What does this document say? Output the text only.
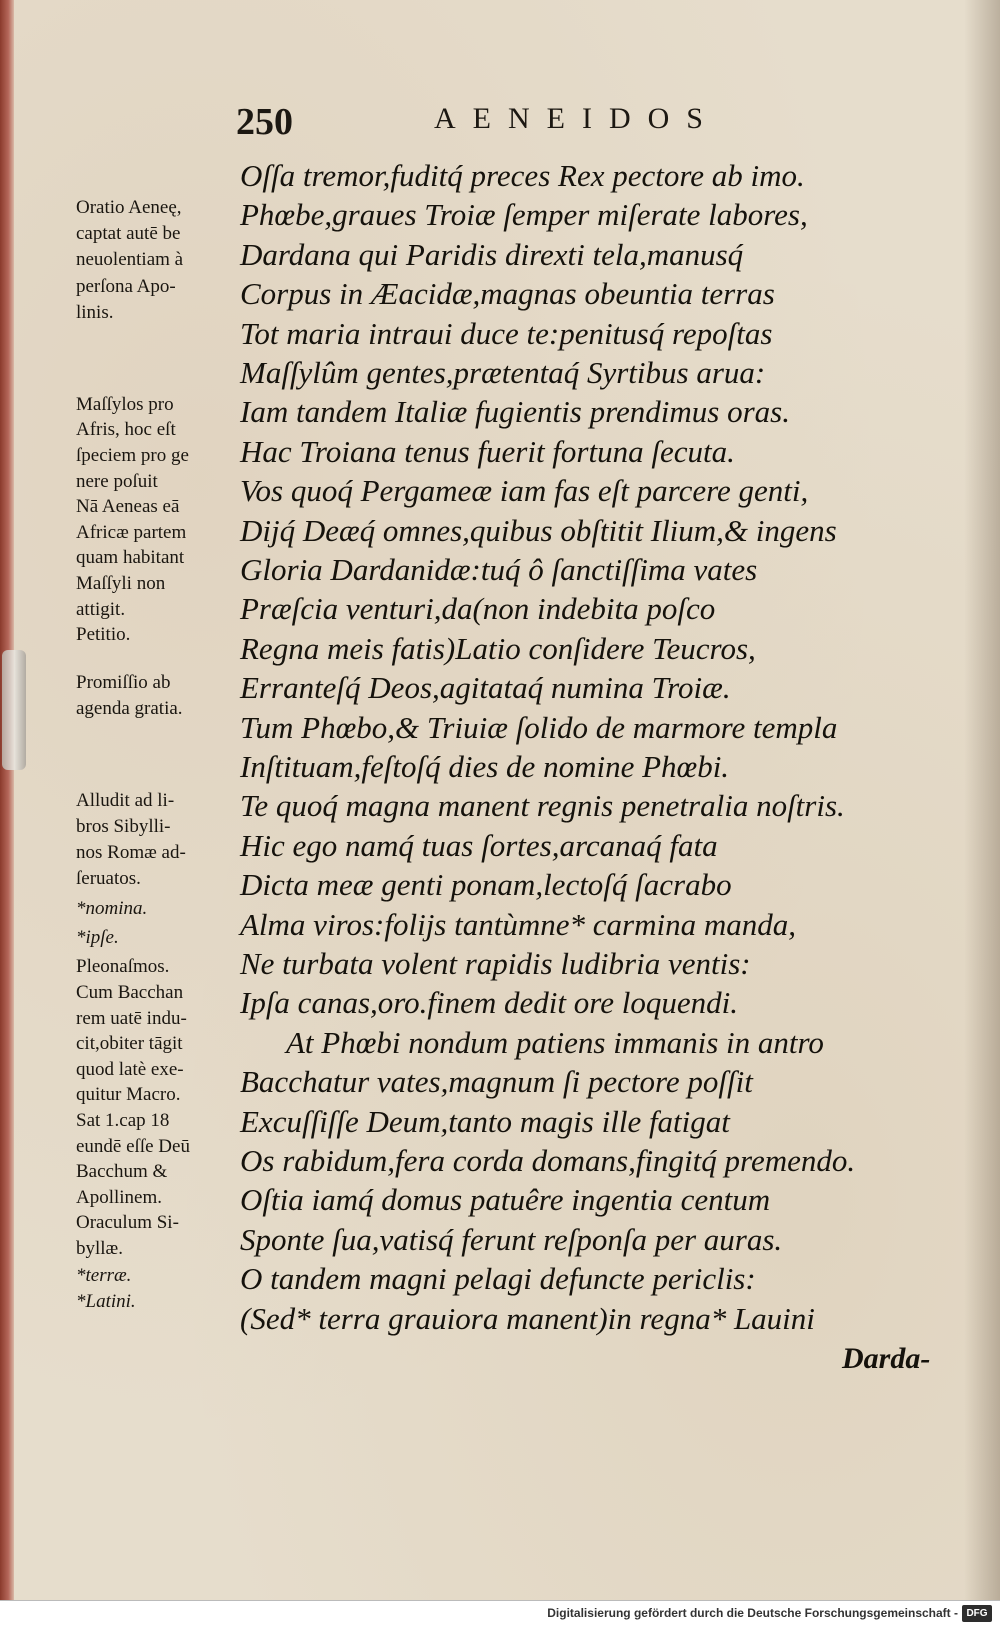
250	AENEIDOS
Oſſa tremor,fuditq́ preces Rex pectore ab imo.
Phœbe,graues Troiæ ſemper miſerate labores,
Dardana qui Paridis direxti tela,manusq́
Corpus in Æacidæ,magnas obeuntia terras
Tot maria intraui duce te:penitusq́ repoſtas
Maſſylûm gentes,prætentaq́ Syrtibus arua:
Iam tandem Italiæ fugientis prendimus oras.
Hac Troiana tenus fuerit fortuna ſecuta.
Vos quoq́ Pergameæ iam fas eſt parcere genti,
Dijq́ Deæq́ omnes,quibus obſtitit Ilium,& ingens
Gloria Dardanidæ:tuq́ ô ſanctiſſima vates
Præſcia venturi,da(non indebita poſco
Regna meis fatis)Latio conſidere Teucros,
Erranteſq́ Deos,agitataq́ numina Troiæ.
Tum Phœbo,& Triuiæ ſolido de marmore templa
Inſtituam,feſtoſq́ dies de nomine Phœbi.
Te quoq́ magna manent regnis penetralia noſtris.
Hic ego namq́ tuas ſortes,arcanaq́ fata
Dicta meæ genti ponam,lectoſq́ ſacrabo
Alma viros:folijs tantùmne* carmina manda,
Ne turbata volent rapidis ludibria ventis:
Ipſa canas,oro.finem dedit ore loquendi.
At Phœbi nondum patiens immanis in antro
Bacchatur vates,magnum ſi pectore poſſit
Excuſſiſſe Deum,tanto magis ille fatigat
Os rabidum,fera corda domans,fingitq́ premendo.
Oſtia iamq́ domus patuêre ingentia centum
Sponte ſua,vatisq́ ferunt reſponſa per auras.
O tandem magni pelagi defuncte periclis:
(Sed* terra grauiora manent)in regna* Lauini
Oratio Aeneę,
captat autē be
neuolentiam à
perſona Apo-
linis.
Maſſylos pro
Afris, hoc eſt
ſpeciem pro ge
nere poſuit
Nā Aeneas eā
Africæ partem
quam habitant
Maſſyli non
attigit.
Petitio.
Promiſſio ab
agenda gratia.
Alludit ad li-
bros Sibylli-
nos Romæ ad-
ſeruatos.
*nomina.
*ipſe.
Pleonaſmos.
Cum Bacchan
rem uatē indu-
cit,obiter tāgit
quod latè exe-
quitur Macro.
Sat 1.cap 18
eundē eſſe Deū
Bacchum &
Apollinem.
Oraculum Si-
byllæ.
*terræ.
*Latini.
Darda-
Digitalisierung gefördert durch die Deutsche Forschungsgemeinschaft - DFG
